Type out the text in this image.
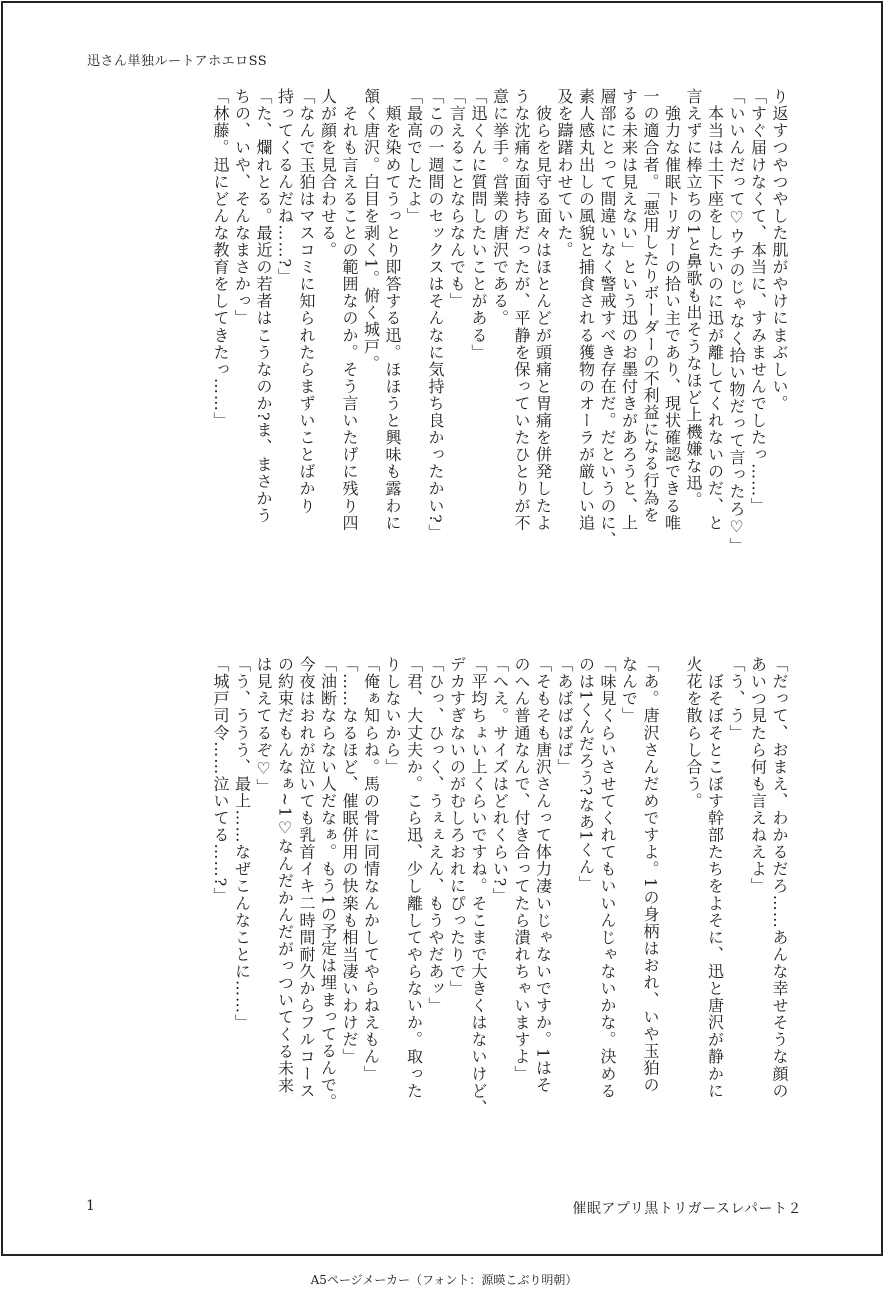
迅さん単独ルートアホエロSS

り返すつやつやした肌がやけにまぶしい。

「すぐ届けなくて、本当に、すみませんでしたっ……」

「いいんだって♡ウチのじゃなく拾い物だって言ったろ♡」

　本当は土下座をしたいのに迅が離してくれないのだ、と

言えずに棒立ちの1と鼻歌も出そうなほど上機嫌な迅。

　強力な催眠トリガーの拾い主であり、現状確認できる唯

一の適合者。「悪用したりボーダーの不利益になる行為を

する未来は見えない」という迅のお墨付きがあろうと、上

層部にとって間違いなく警戒すべき存在だ。だというのに、

素人感丸出しの風貌と捕食される獲物のオーラが厳しい追

及を躊躇わせていた。

　彼らを見守る面々はほとんどが頭痛と胃痛を併発したよ

うな沈痛な面持ちだったが、平静を保っていたひとりが不

意に挙手。営業の唐沢である。

「迅くんに質問したいことがある」

「言えることならなんでも」

「この一週間のセックスはそんなに気持ち良かったかい?」

「最高でしたよ」

　頬を染めてうっとり即答する迅。ほほうと興味も露わに

頷く唐沢。白目を剥く1。俯く城戸。

　それも言えることの範囲なのか。そう言いたげに残り四

人が顔を見合わせる。

「なんで玉狛はマスコミに知られたらまずいことばかり

持ってくるんだね……?」

「た、爛れとる。最近の若者はこうなのか?ま、まさかう

ちの、いや、そんなまさかっ」

「林藤。迅にどんな教育をしてきたっ……」

「だって、おまえ、わかるだろ……あんな幸せそうな顔の

あいつ見たら何も言えねえよ」

「う、う」

　ぼそぼそとこぼす幹部たちをよそに、迅と唐沢が静かに

火花を散らし合う。

「あ。唐沢さんだめですよ。1の身柄はおれ、いや玉狛の

なんで」

「味見くらいさせてくれてもいいんじゃないかな。決める

のは1くんだろう?なあ1くん」

「あばばばば」

「そもそも唐沢さんって体力凄いじゃないですか。1はそ

のへん普通なんで、付き合ってたら潰れちゃいますよ」

「へえ。サイズはどれくらい?」

「平均ちょい上くらいですね。そこまで大きくはないけど、

デカすぎないのがむしろおれにぴったりで」

「ひっ、ひっく、うぇぇえん、もうやだあッ」

「君、大丈夫か。こら迅、少し離してやらないか。取った

りしないから」

「俺ぁ知らね。馬の骨に同情なんかしてやらねえもん」

「……なるほど、催眠併用の快楽も相当凄いわけだ」

「油断ならない人だなぁ。もう1の予定は埋まってるんで。

今夜はおれが泣いても乳首イキ二時間耐久からフルコース

の約束だもんなぁ~1♡なんだかんだがっついてくる未来

は見えてるぞ♡」

「う、ううう、最上……なぜこんなことに……」

「城戸司令……泣いてる……?」

1	催眠アプリ黒トリガースレパート２
A5ページメーカー（フォント：源暎こぶり明朝）
